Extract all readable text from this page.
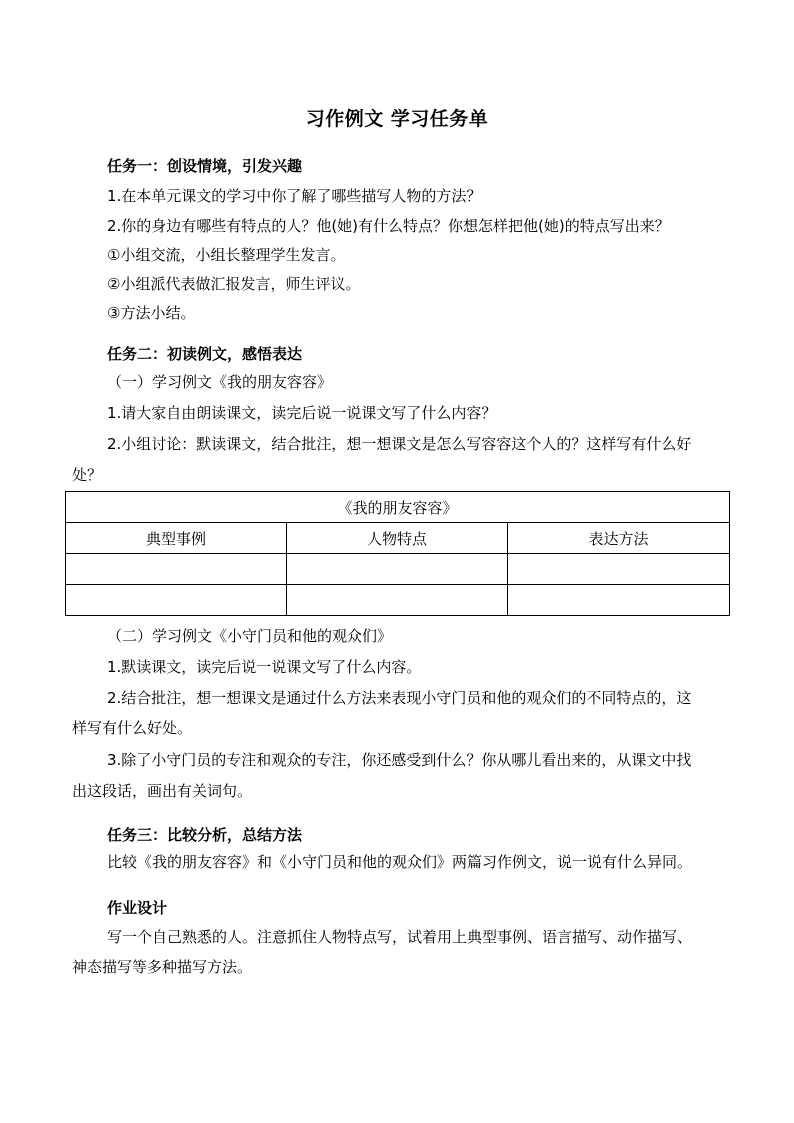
习作例文 学习任务单
任务一：创设情境，引发兴趣
1.在本单元课文的学习中你了解了哪些描写人物的方法？
2.你的身边有哪些有特点的人？他(她)有什么特点？你想怎样把他(她)的特点写出来？
①小组交流，小组长整理学生发言。
②小组派代表做汇报发言，师生评议。
③方法小结。
任务二：初读例文，感悟表达
（一）学习例文《我的朋友容容》
1.请大家自由朗读课文，读完后说一说课文写了什么内容？
2.小组讨论：默读课文，结合批注，想一想课文是怎么写容容这个人的？这样写有什么好
处？
《我的朋友容容》		
典型事例	人物特点	表达方法

（二）学习例文《小守门员和他的观众们》
1.默读课文，读完后说一说课文写了什么内容。
2.结合批注，想一想课文是通过什么方法来表现小守门员和他的观众们的不同特点的，这
样写有什么好处。
3.除了小守门员的专注和观众的专注，你还感受到什么？你从哪儿看出来的，从课文中找
出这段话，画出有关词句。
任务三：比较分析，总结方法
比较《我的朋友容容》和《小守门员和他的观众们》两篇习作例文，说一说有什么异同。
作业设计
写一个自己熟悉的人。注意抓住人物特点写，试着用上典型事例、语言描写、动作描写、
神态描写等多种描写方法。
